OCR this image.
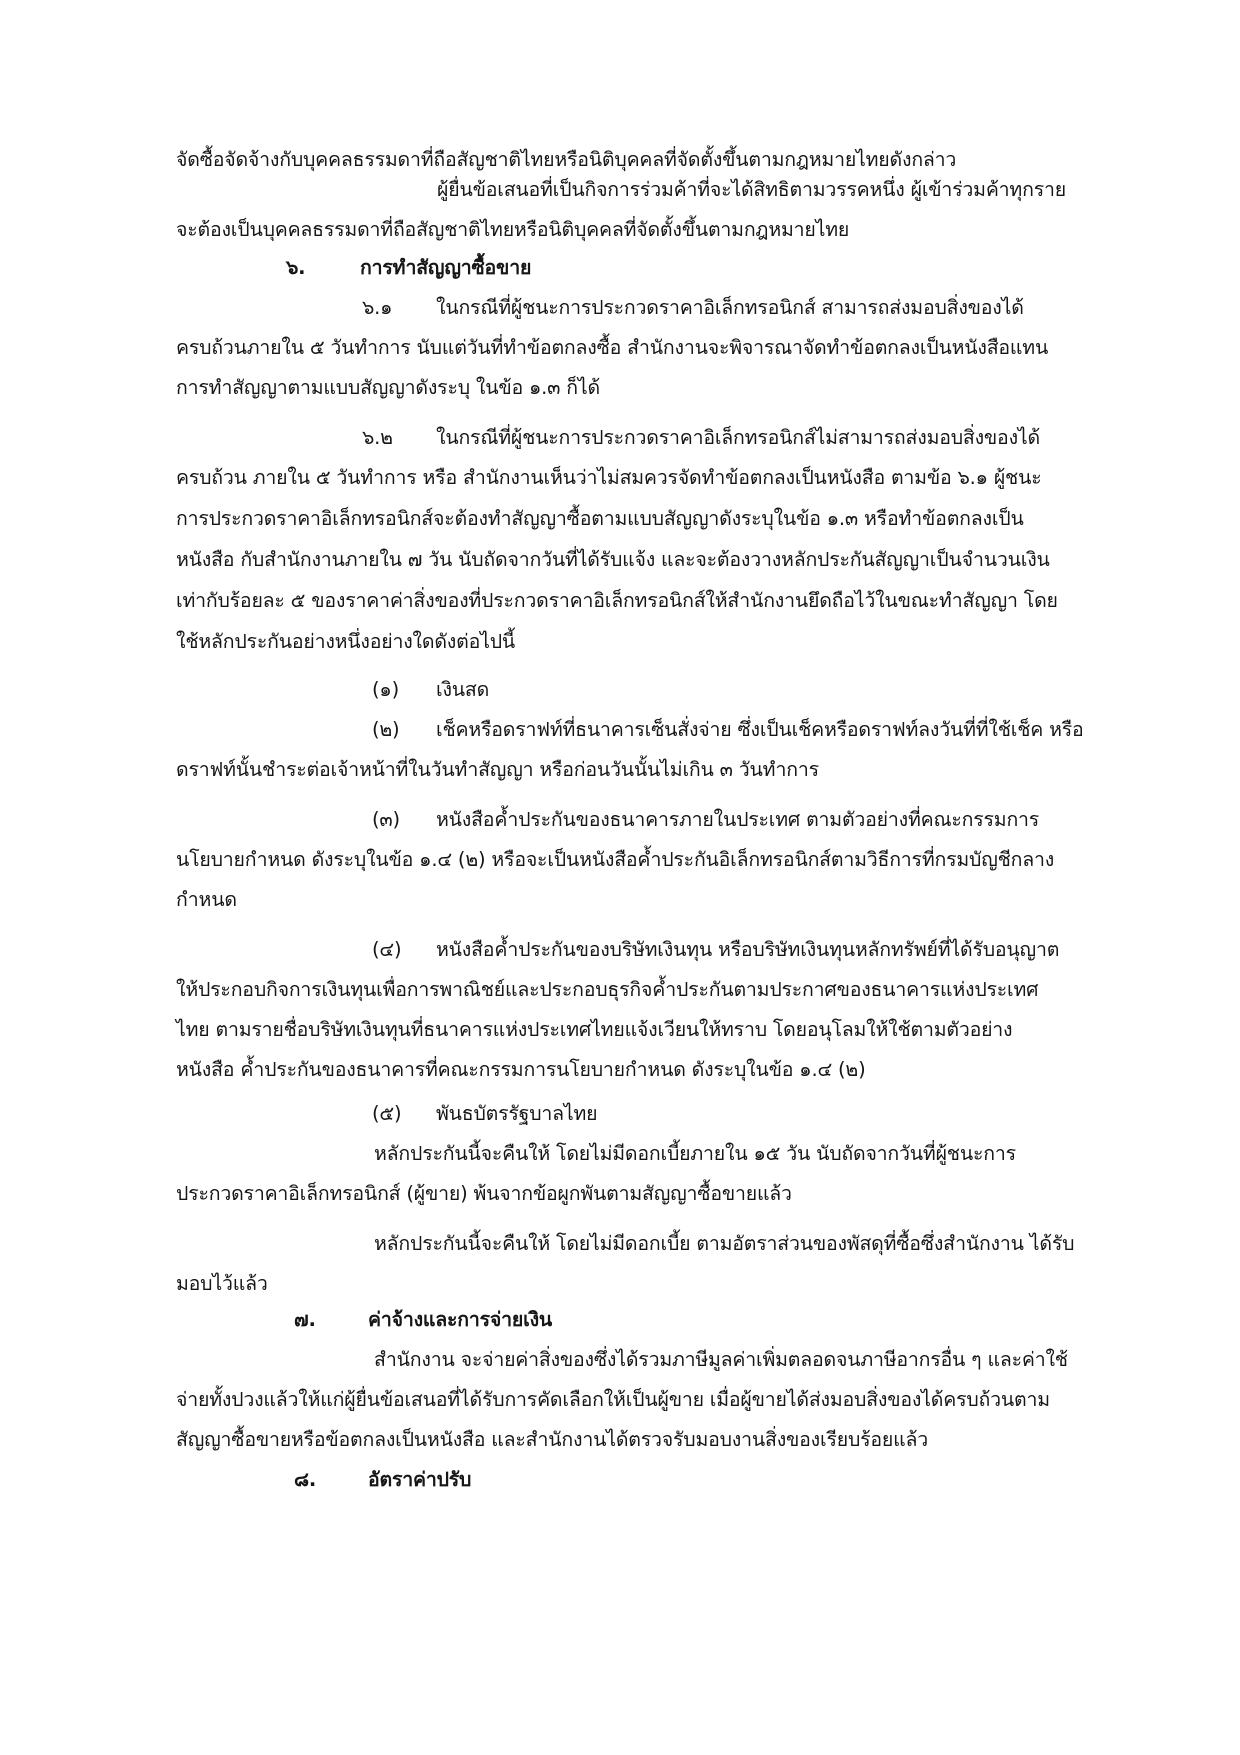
จัดซื้อจัดจ้างกับบุคคลธรรมดาที่ถือสัญชาติไทยหรือนิติบุคคลที่จัดตั้งขึ้นตามกฎหมายไทยดังกล่าว
ผู้ยื่นข้อเสนอที่เป็นกิจการร่วมค้าที่จะได้สิทธิตามวรรคหนึ่ง ผู้เข้าร่วมค้าทุกราย
จะต้องเป็นบุคคลธรรมดาที่ถือสัญชาติไทยหรือนิติบุคคลที่จัดตั้งขึ้นตามกฎหมายไทย
๖.	การทำสัญญาซื้อขาย
๖.๑ ในกรณีที่ผู้ชนะการประกวดราคาอิเล็กทรอนิกส์ สามารถส่งมอบสิ่งของได้
ครบถ้วนภายใน ๕ วันทำการ นับแต่วันที่ทำข้อตกลงซื้อ สำนักงานจะพิจารณาจัดทำข้อตกลงเป็นหนังสือแทน
การทำสัญญาตามแบบสัญญาดังระบุ ในข้อ ๑.๓ ก็ได้
๖.๒ ในกรณีที่ผู้ชนะการประกวดราคาอิเล็กทรอนิกส์ไม่สามารถส่งมอบสิ่งของได้
ครบถ้วน ภายใน ๕ วันทำการ หรือ สำนักงานเห็นว่าไม่สมควรจัดทำข้อตกลงเป็นหนังสือ ตามข้อ ๖.๑ ผู้ชนะ
การประกวดราคาอิเล็กทรอนิกส์จะต้องทำสัญญาซื้อตามแบบสัญญาดังระบุในข้อ ๑.๓ หรือทำข้อตกลงเป็น
หนังสือ กับสำนักงานภายใน ๗ วัน นับถัดจากวันที่ได้รับแจ้ง และจะต้องวางหลักประกันสัญญาเป็นจำนวนเงิน
เท่ากับร้อยละ ๕ ของราคาค่าสิ่งของที่ประกวดราคาอิเล็กทรอนิกส์ให้สำนักงานยึดถือไว้ในขณะทำสัญญา โดย
ใช้หลักประกันอย่างหนึ่งอย่างใดดังต่อไปนี้
(๑) เงินสด
(๒) เช็คหรือดราฟท์ที่ธนาคารเซ็นสั่งจ่าย ซึ่งเป็นเช็คหรือดราฟท์ลงวันที่ที่ใช้เช็ค หรือ
ดราฟท์นั้นชำระต่อเจ้าหน้าที่ในวันทำสัญญา หรือก่อนวันนั้นไม่เกิน ๓ วันทำการ
(๓) หนังสือค้ำประกันของธนาคารภายในประเทศ ตามตัวอย่างที่คณะกรรมการ
นโยบายกำหนด ดังระบุในข้อ ๑.๔ (๒) หรือจะเป็นหนังสือค้ำประกันอิเล็กทรอนิกส์ตามวิธีการที่กรมบัญชีกลาง
กำหนด
(๔) หนังสือค้ำประกันของบริษัทเงินทุน หรือบริษัทเงินทุนหลักทรัพย์ที่ได้รับอนุญาต
ให้ประกอบกิจการเงินทุนเพื่อการพาณิชย์และประกอบธุรกิจค้ำประกันตามประกาศของธนาคารแห่งประเทศ
ไทย ตามรายชื่อบริษัทเงินทุนที่ธนาคารแห่งประเทศไทยแจ้งเวียนให้ทราบ โดยอนุโลมให้ใช้ตามตัวอย่าง
หนังสือ ค้ำประกันของธนาคารที่คณะกรรมการนโยบายกำหนด ดังระบุในข้อ ๑.๔ (๒)
(๕) พันธบัตรรัฐบาลไทย
หลักประกันนี้จะคืนให้ โดยไม่มีดอกเบี้ยภายใน ๑๕ วัน นับถัดจากวันที่ผู้ชนะการ
ประกวดราคาอิเล็กทรอนิกส์ (ผู้ขาย) พ้นจากข้อผูกพันตามสัญญาซื้อขายแล้ว
หลักประกันนี้จะคืนให้ โดยไม่มีดอกเบี้ย ตามอัตราส่วนของพัสดุที่ซื้อซึ่งสำนักงาน ได้รับ
มอบไว้แล้ว
๗.	ค่าจ้างและการจ่ายเงิน
สำนักงาน จะจ่ายค่าสิ่งของซึ่งได้รวมภาษีมูลค่าเพิ่มตลอดจนภาษีอากรอื่น ๆ และค่าใช้
จ่ายทั้งปวงแล้วให้แก่ผู้ยื่นข้อเสนอที่ได้รับการคัดเลือกให้เป็นผู้ขาย เมื่อผู้ขายได้ส่งมอบสิ่งของได้ครบถ้วนตาม
สัญญาซื้อขายหรือข้อตกลงเป็นหนังสือ และสำนักงานได้ตรวจรับมอบงานสิ่งของเรียบร้อยแล้ว
๘.	อัตราค่าปรับ
